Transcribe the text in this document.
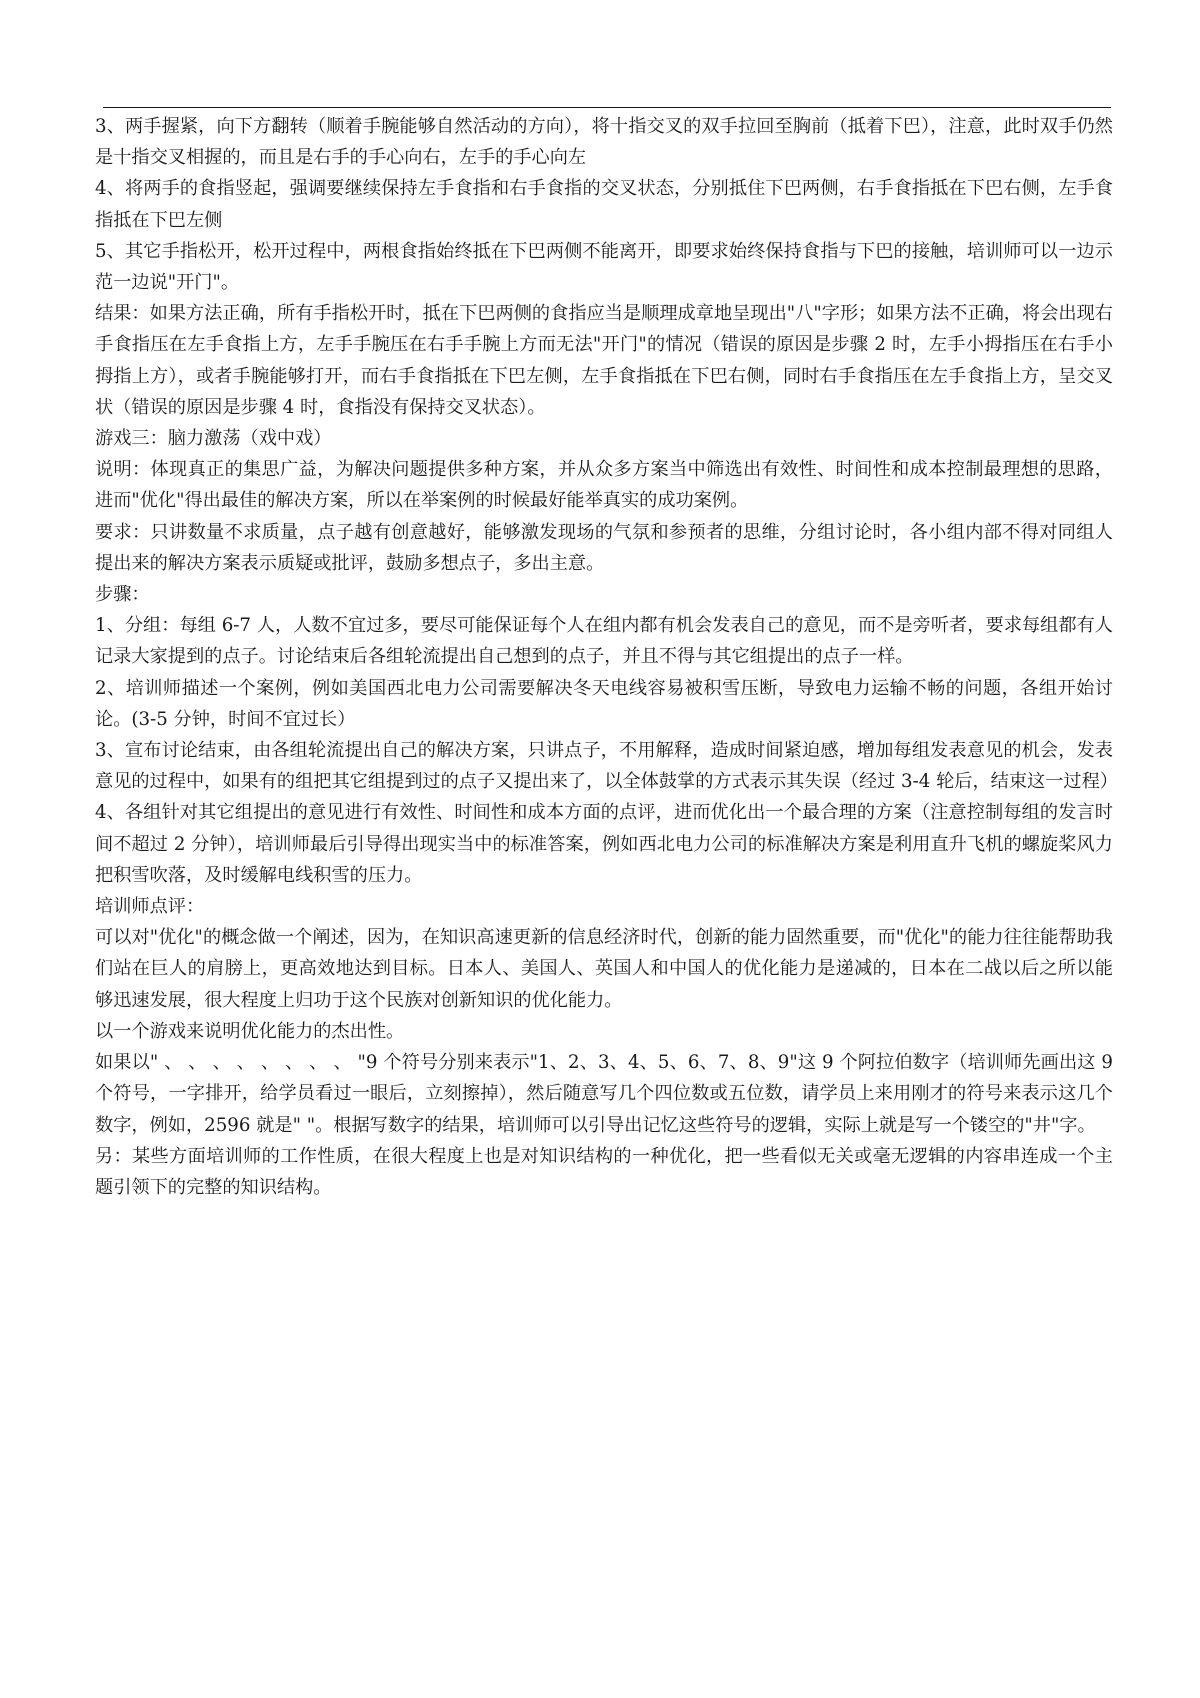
3、两手握紧，向下方翻转（顺着手腕能够自然活动的方向），将十指交叉的双手拉回至胸前（抵着下巴），注意，此时双手仍然是十指交叉相握的，而且是右手的手心向右，左手的手心向左

4、将两手的食指竖起，强调要继续保持左手食指和右手食指的交叉状态，分别抵住下巴两侧，右手食指抵在下巴右侧，左手食指抵在下巴左侧

5、其它手指松开，松开过程中，两根食指始终抵在下巴两侧不能离开，即要求始终保持食指与下巴的接触，培训师可以一边示范一边说"开门"。

结果：如果方法正确，所有手指松开时，抵在下巴两侧的食指应当是顺理成章地呈现出"八"字形；如果方法不正确，将会出现右手食指压在左手食指上方，左手手腕压在右手手腕上方而无法"开门"的情况（错误的原因是步骤 2 时，左手小拇指压在右手小拇指上方），或者手腕能够打开，而右手食指抵在下巴左侧，左手食指抵在下巴右侧，同时右手食指压在左手食指上方，呈交叉状（错误的原因是步骤 4 时，食指没有保持交叉状态）。

游戏三：脑力激荡（戏中戏）

说明：体现真正的集思广益，为解决问题提供多种方案，并从众多方案当中筛选出有效性、时间性和成本控制最理想的思路，进而"优化"得出最佳的解决方案，所以在举案例的时候最好能举真实的成功案例。

要求：只讲数量不求质量，点子越有创意越好，能够激发现场的气氛和参预者的思维，分组讨论时，各小组内部不得对同组人提出来的解决方案表示质疑或批评，鼓励多想点子，多出主意。

步骤：

1、分组：每组 6-7 人，人数不宜过多，要尽可能保证每个人在组内都有机会发表自己的意见，而不是旁听者，要求每组都有人记录大家提到的点子。讨论结束后各组轮流提出自己想到的点子，并且不得与其它组提出的点子一样。

2、培训师描述一个案例，例如美国西北电力公司需要解决冬天电线容易被积雪压断，导致电力运输不畅的问题，各组开始讨论。(3-5 分钟，时间不宜过长）

3、宣布讨论结束，由各组轮流提出自己的解决方案，只讲点子，不用解释，造成时间紧迫感，增加每组发表意见的机会，发表意见的过程中，如果有的组把其它组提到过的点子又提出来了，以全体鼓掌的方式表示其失误（经过 3-4 轮后，结束这一过程）

4、各组针对其它组提出的意见进行有效性、时间性和成本方面的点评，进而优化出一个最合理的方案（注意控制每组的发言时间不超过 2 分钟），培训师最后引导得出现实当中的标准答案，例如西北电力公司的标准解决方案是利用直升飞机的螺旋桨风力把积雪吹落，及时缓解电线积雪的压力。

培训师点评：

可以对"优化"的概念做一个阐述，因为，在知识高速更新的信息经济时代，创新的能力固然重要，而"优化"的能力往往能帮助我们站在巨人的肩膀上，更高效地达到目标。日本人、美国人、英国人和中国人的优化能力是递减的，日本在二战以后之所以能够迅速发展，很大程度上归功于这个民族对创新知识的优化能力。

以一个游戏来说明优化能力的杰出性。

如果以" 、 、 、 、 、 、 、 、 "9 个符号分别来表示"1、2、3、4、5、6、7、8、9"这 9 个阿拉伯数字（培训师先画出这 9 个符号，一字排开，给学员看过一眼后，立刻擦掉），然后随意写几个四位数或五位数，请学员上来用刚才的符号来表示这几个数字，例如，2596 就是" "。根据写数字的结果，培训师可以引导出记忆这些符号的逻辑，实际上就是写一个镂空的"井"字。

另：某些方面培训师的工作性质，在很大程度上也是对知识结构的一种优化，把一些看似无关或毫无逻辑的内容串连成一个主题引领下的完整的知识结构。
